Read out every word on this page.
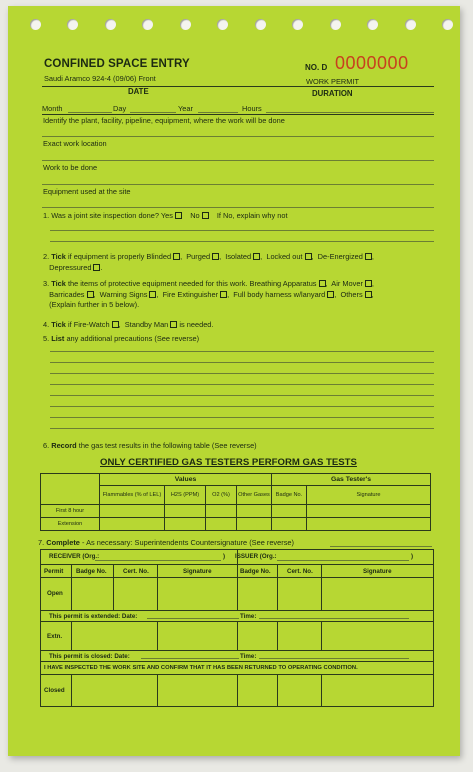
CONFINED SPACE ENTRY
Saudi Aramco 924-4 (09/06) Front
NO. D 0000000
WORK PERMIT
DATE	DURATION
Month	Day	Year	Hours
Identify the plant, facility, pipeline, equipment, where the work will be done
Exact work location
Work to be done
Equipment used at the site
1. Was a joint site inspection done? Yes No If No, explain why not
2. Tick if equipment is properly Blinded ,  Purged ,  Isolated ,  Locked out ,  De-Energized ,
Depressured .
3. Tick the items of protective equipment needed for this work. Breathing Apparatus ,  Air Mover ,
Barricades ,  Warning Signs ,  Fire Extinguisher ,  Full body harness w/lanyard ,  Others ,
(Explain further in 5 below).
4. Tick if Fire-Watch ,  Standby Man is needed.
5. List any additional precautions (See reverse)
6. Record the gas test results in the following table (See reverse)
ONLY CERTIFIED GAS TESTERS PERFORM GAS TESTS
	Values				Gas Tester's	
	Flammables (% of LEL)	H2S (PPM)	O2 (%)	Other Gases	Badge No.	Signature
First 8 hour						
Extension						
7. Complete - As necessary: Superintendents Countersignature (See reverse)
RECEIVER (Org.:	) ISSUER (Org.:	)
Permit Badge No.	Cert. No.	Signature	Badge No.	Cert. No.	Signature
Open
This permit is extended: Date:	Time:
Extn.
This permit is closed: Date:	Time:
I HAVE INSPECTED THE WORK SITE AND CONFIRM THAT IT HAS BEEN RETURNED TO OPERATING CONDITION.
Closed
